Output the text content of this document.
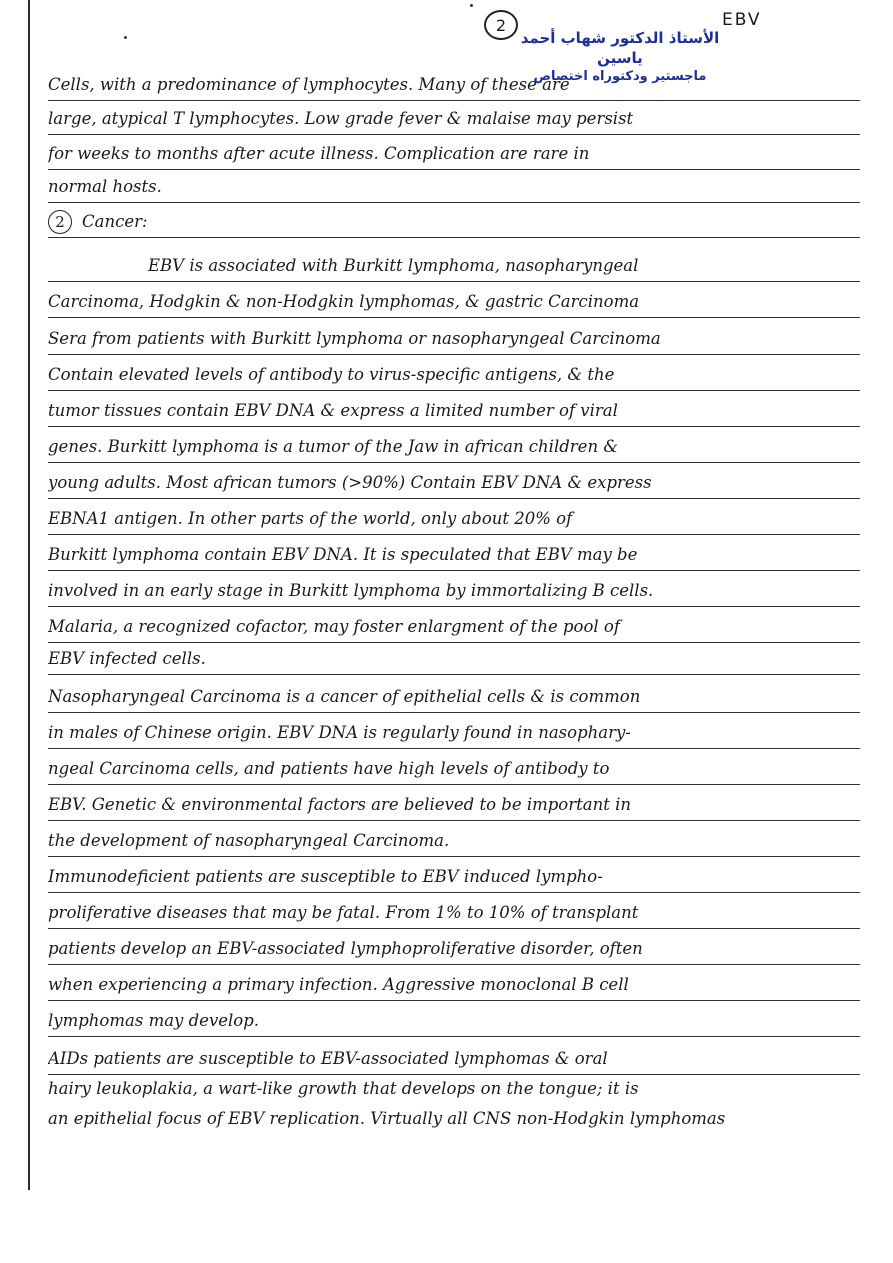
2	EBV
الأستاذ الدكتور شهاب أحمد ياسين
ماجستير ودكتوراه اختصاص
Cells, with a predominance of lymphocytes. Many of these are
large, atypical T lymphocytes. Low grade fever & malaise may persist
for weeks to months after acute illness. Complication are rare in
normal hosts.
2 Cancer:
EBV is associated with Burkitt lymphoma, nasopharyngeal
Carcinoma, Hodgkin & non-Hodgkin lymphomas, & gastric Carcinoma
Sera from patients with Burkitt lymphoma or nasopharyngeal Carcinoma
Contain elevated levels of antibody to virus-specific antigens, & the
tumor tissues contain EBV DNA & express a limited number of viral
genes. Burkitt lymphoma is a tumor of the Jaw in african children &
young adults. Most african tumors (>90%) Contain EBV DNA & express
EBNA1 antigen. In other parts of the world, only about 20% of
Burkitt lymphoma contain EBV DNA. It is speculated that EBV may be
involved in an early stage in Burkitt lymphoma by immortalizing B cells.
Malaria, a recognized cofactor, may foster enlargment of the pool of
EBV infected cells.
Nasopharyngeal Carcinoma is a cancer of epithelial cells & is common
in males of Chinese origin. EBV DNA is regularly found in nasophary-
ngeal Carcinoma cells, and patients have high levels of antibody to
EBV. Genetic & environmental factors are believed to be important in
the development of nasopharyngeal Carcinoma.
Immunodeficient patients are susceptible to EBV induced lympho-
proliferative diseases that may be fatal. From 1% to 10% of transplant
patients develop an EBV-associated lymphoproliferative disorder, often
when experiencing a primary infection. Aggressive monoclonal B cell
lymphomas may develop.
AIDs patients are susceptible to EBV-associated lymphomas & oral
hairy leukoplakia, a wart-like growth that develops on the tongue; it is
an epithelial focus of EBV replication. Virtually all CNS non-Hodgkin lymphomas
